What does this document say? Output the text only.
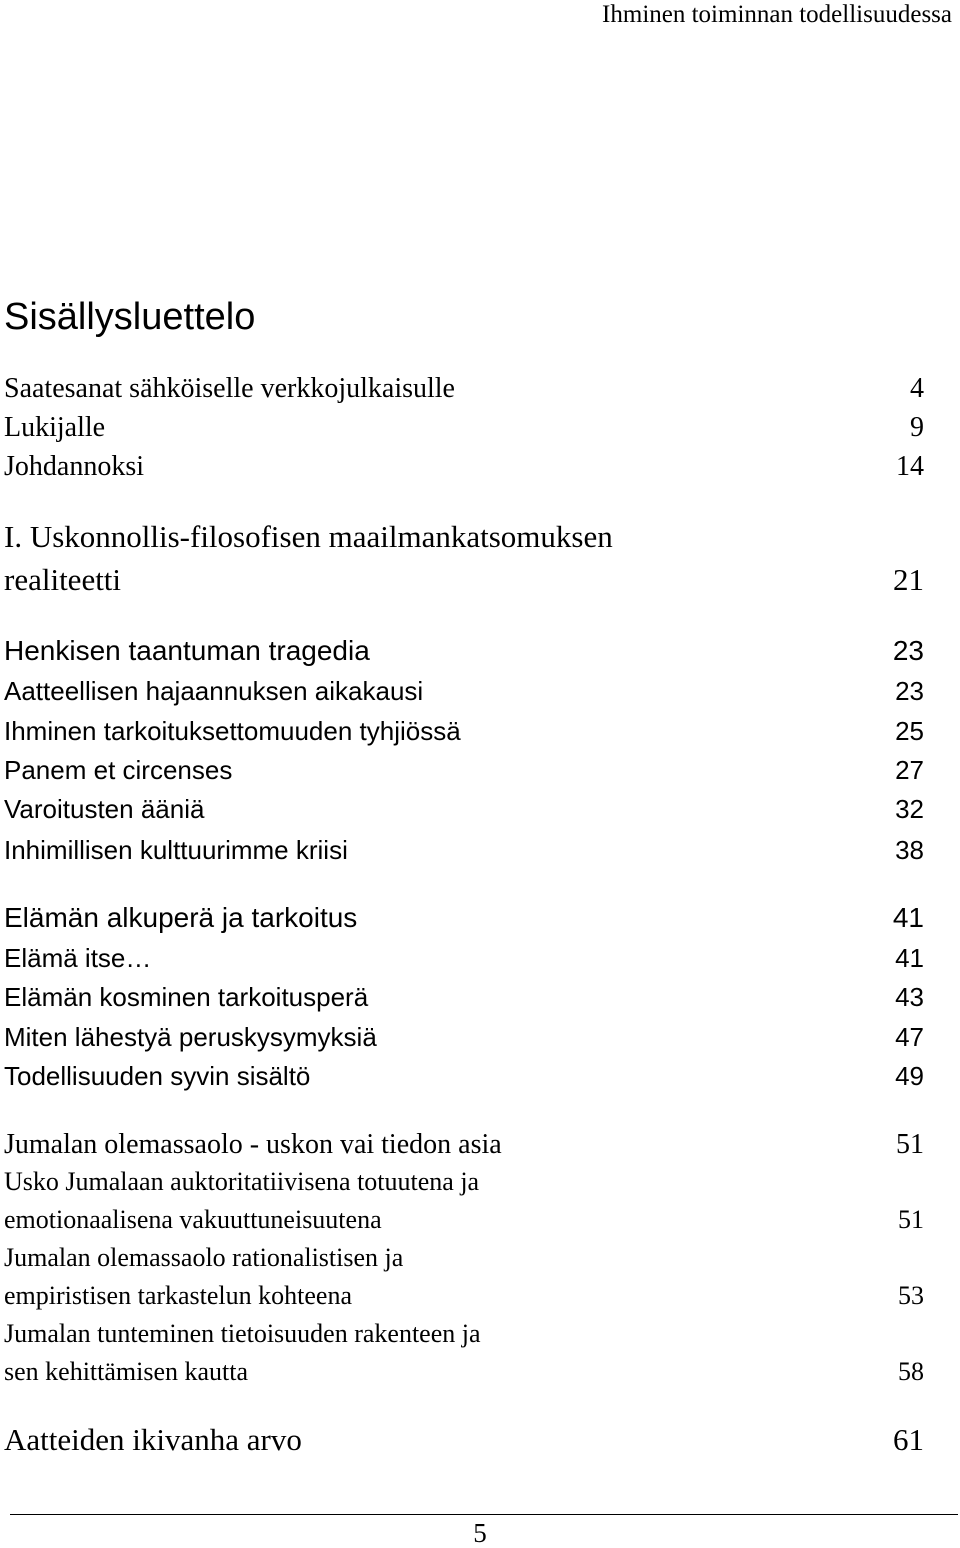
Ihminen toiminnan todellisuudessa
Sisällysluettelo
Saatesanat sähköiselle verkkojulkaisulle	4
Lukijalle	9
Johdannoksi	14
I. Uskonnollis-filosofisen maailmankatsomuksen
realiteetti	21
Henkisen taantuman tragedia	23
Aatteellisen hajaannuksen aikakausi	23
Ihminen tarkoituksettomuuden tyhjiössä	25
Panem et circenses	27
Varoitusten ääniä	32
Inhimillisen kulttuurimme kriisi	38
Elämän alkuperä ja tarkoitus	41
Elämä itse…	41
Elämän kosminen tarkoitusperä	43
Miten lähestyä peruskysymyksiä	47
Todellisuuden syvin sisältö	49
Jumalan olemassaolo - uskon vai tiedon asia	51
Usko Jumalaan auktoritatiivisena totuutena ja
emotionaalisena vakuuttuneisuutena	51
Jumalan olemassaolo rationalistisen ja
empiristisen tarkastelun kohteena	53
Jumalan tunteminen tietoisuuden rakenteen ja
sen kehittämisen kautta	58
Aatteiden ikivanha arvo	61
5
